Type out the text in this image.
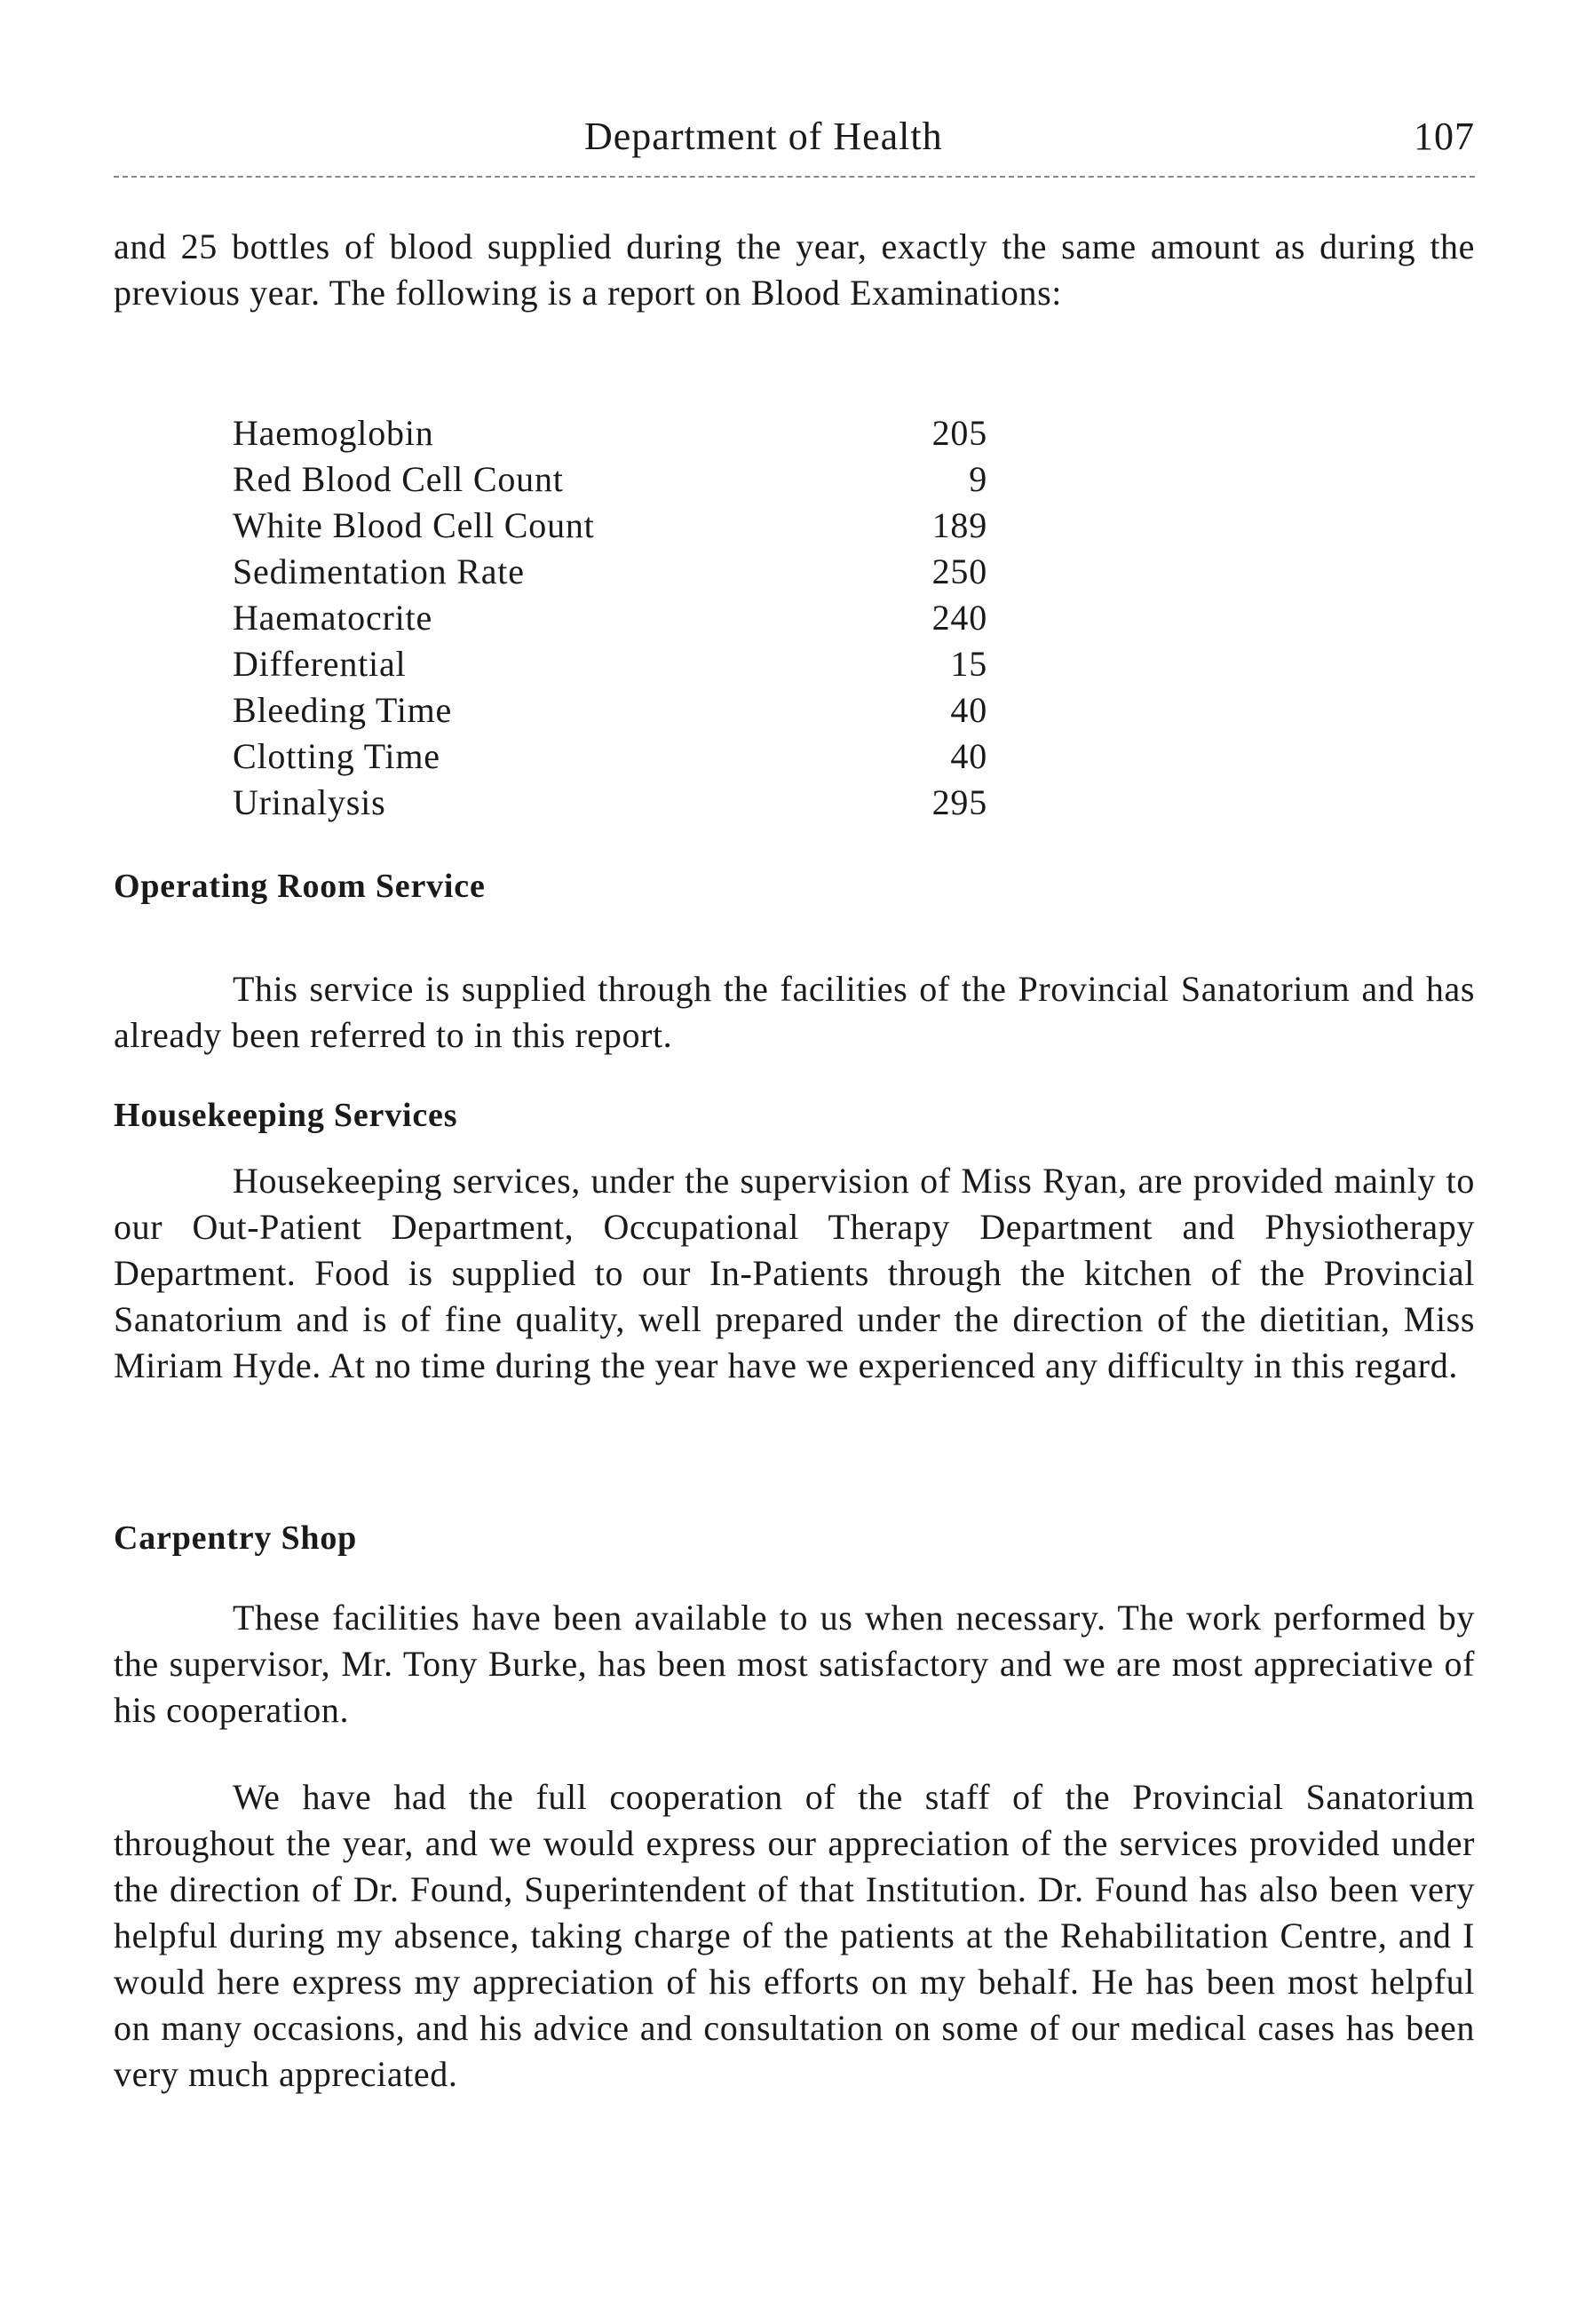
Department of Health	107

and 25 bottles of blood supplied during the year, exactly the same amount as during the previous year. The following is a report on Blood Examinations:

Haemoglobin	205
Red Blood Cell Count	9
White Blood Cell Count	189
Sedimentation Rate	250
Haematocrite	240
Differential	15
Bleeding Time	40
Clotting Time	40
Urinalysis	295
Operating Room Service

This service is supplied through the facilities of the Provincial Sanatorium and has already been referred to in this report.

Housekeeping Services

Housekeeping services, under the supervision of Miss Ryan, are provided mainly to our Out-Patient Department, Occupational Therapy Department and Physiotherapy Department. Food is supplied to our In-Patients through the kitchen of the Provincial Sanatorium and is of fine quality, well prepared under the direction of the dietitian, Miss Miriam Hyde. At no time during the year have we experienced any difficulty in this regard.

Carpentry Shop

These facilities have been available to us when necessary. The work performed by the supervisor, Mr. Tony Burke, has been most satisfactory and we are most appreciative of his cooperation.

We have had the full cooperation of the staff of the Provincial Sanatorium throughout the year, and we would express our appreciation of the services provided under the direction of Dr. Found, Superintendent of that Institution. Dr. Found has also been very helpful during my absence, taking charge of the patients at the Rehabilitation Centre, and I would here express my appreciation of his efforts on my behalf. He has been most helpful on many occasions, and his advice and consultation on some of our medical cases has been very much appreciated.
